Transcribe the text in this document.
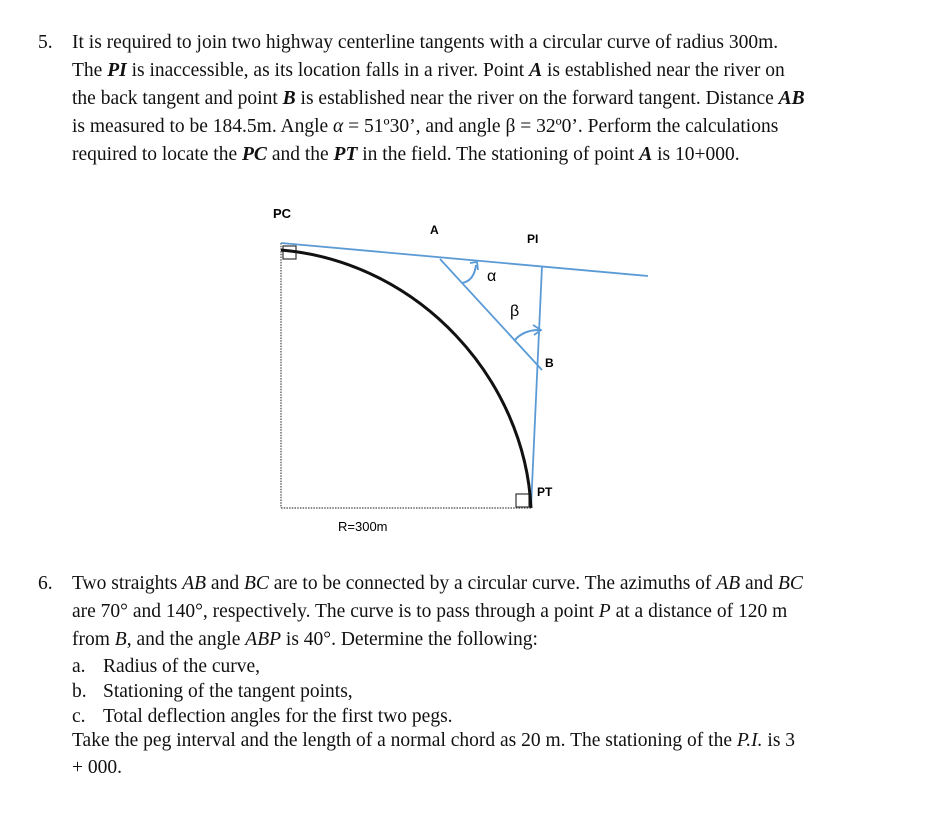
5. It is required to join two highway centerline tangents with a circular curve of radius 300m.
The PI is inaccessible, as its location falls in a river. Point A is established near the river on
the back tangent and point B is established near the river on the forward tangent. Distance AB
is measured to be 184.5m. Angle α = 51º30’, and angle β = 32º0’. Perform the calculations
required to locate the PC and the PT in the field. The stationing of point A is 10+000.
PC
A
PI
α
β
B
PT
R=300m
6. Two straights AB and BC are to be connected by a circular curve. The azimuths of AB and BC
are 70° and 140°, respectively. The curve is to pass through a point P at a distance of 120 m
from B, and the angle ABP is 40°. Determine the following:
a. Radius of the curve,
b. Stationing of the tangent points,
c. Total deflection angles for the first two pegs.
Take the peg interval and the length of a normal chord as 20 m. The stationing of the P.I. is 3
+ 000.
